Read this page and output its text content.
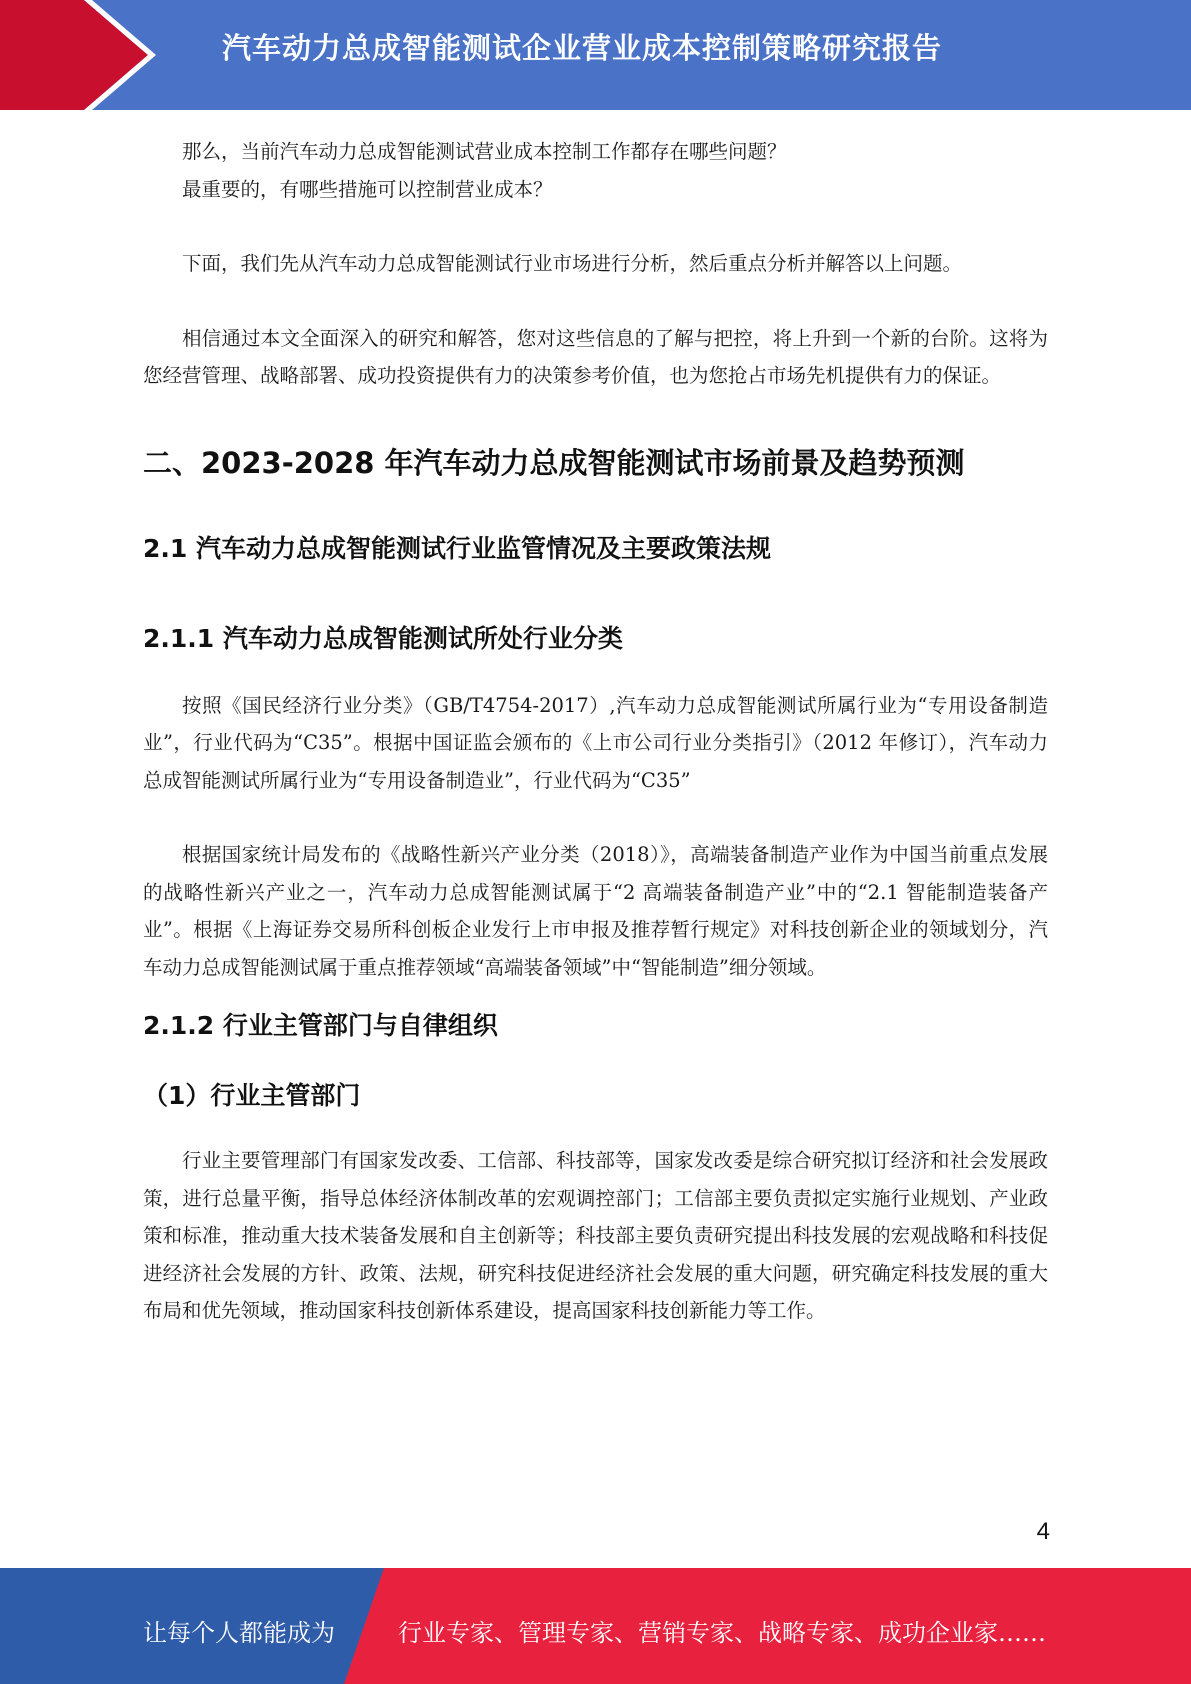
汽车动力总成智能测试企业营业成本控制策略研究报告

那么，当前汽车动力总成智能测试营业成本控制工作都存在哪些问题？

最重要的，有哪些措施可以控制营业成本？

下面，我们先从汽车动力总成智能测试行业市场进行分析，然后重点分析并解答以上问题。

相信通过本文全面深入的研究和解答，您对这些信息的了解与把控，将上升到一个新的台阶。这将为您经营管理、战略部署、成功投资提供有力的决策参考价值，也为您抢占市场先机提供有力的保证。

二、2023-2028 年汽车动力总成智能测试市场前景及趋势预测
2.1 汽车动力总成智能测试行业监管情况及主要政策法规
2.1.1 汽车动力总成智能测试所处行业分类

按照《国民经济行业分类》（GB/T4754-2017）,汽车动力总成智能测试所属行业为“专用设备制造业”，行业代码为“C35”。根据中国证监会颁布的《上市公司行业分类指引》（2012 年修订），汽车动力总成智能测试所属行业为“专用设备制造业”，行业代码为“C35”

根据国家统计局发布的《战略性新兴产业分类（2018）》，高端装备制造产业作为中国当前重点发展的战略性新兴产业之一，汽车动力总成智能测试属于“2 高端装备制造产业”中的“2.1 智能制造装备产业”。根据《上海证券交易所科创板企业发行上市申报及推荐暂行规定》对科技创新企业的领域划分，汽车动力总成智能测试属于重点推荐领域“高端装备领域”中“智能制造”细分领域。

2.1.2 行业主管部门与自律组织
（1）行业主管部门

行业主要管理部门有国家发改委、工信部、科技部等，国家发改委是综合研究拟订经济和社会发展政策，进行总量平衡，指导总体经济体制改革的宏观调控部门；工信部主要负责拟定实施行业规划、产业政策和标准，推动重大技术装备发展和自主创新等；科技部主要负责研究提出科技发展的宏观战略和科技促进经济社会发展的方针、政策、法规，研究科技促进经济社会发展的重大问题，研究确定科技发展的重大布局和优先领域，推动国家科技创新体系建设，提高国家科技创新能力等工作。

4
让每个人都能成为	行业专家、管理专家、营销专家、战略专家、成功企业家……
